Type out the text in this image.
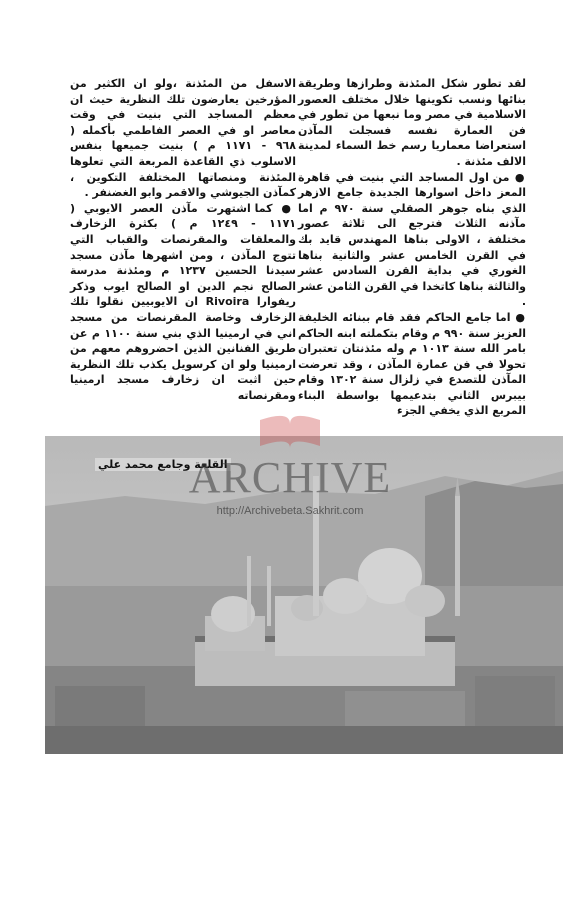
لقد تطور شكل المئذنة وطرازها وطريقة بنائها ونسب تكوينها خلال مختلف العصور الاسلامية في مصر وما نبعها من تطور في فن العمارة نفسه فسجلت المآذن استعراضا معماريا رسم خط السماء لمدينة الالف مئذنة .

● من اول المساجد التي بنيت في قاهرة المعز داخل اسوارها الجديدة جامع الازهر الذي بناه جوهر الصقلي سنة ٩٧٠ م اما مآذنه الثلاث فترجع الى ثلاثة عصور مختلفة ، الاولى بناها المهندس قايد بك في القرن الخامس عشر والثانية بناها الغوري في بداية القرن السادس عشر والثالثة بناها كاتخدا في القرن الثامن عشر .

● اما جامع الحاكم فقد قام ببنائه الخليفة العزيز سنة ٩٩٠ م وقام بتكملته ابنه الحاكم بامر الله سنة ١٠١٣ م وله مئذنتان تعتبران تحولا في فن عمارة المآذن ، وقد تعرضت المآذن للتصدع في زلزال سنة ١٣٠٢ وقام بيبرس الثاني بتدعيمها بواسطة البناء المربع الذي يخفي الجزء

الاسفل من المئذنة ،ولو ان الكثير من المؤرخين يعارضون تلك النظرية حيث ان معظم المساجد التي بنيت في وقت معاصر او في العصر الفاطمي بأكمله ( ٩٦٨ - ١١٧١ م ) بنيت جميعها بنفس الاسلوب ذي القاعدة المربعة التي تعلوها المئذنة ومنصاتها المختلفة التكوين ، كمآذن الجيوشي والاقمر وابو الغضنفر .

● كما اشتهرت مآذن العصر الايوبي ( ١١٧١ - ١٢٤٩ م ) بكثرة الزخارف والمعلقات والمقرنصات والقباب التي تتوج المآذن ، ومن اشهرها مآذن مسجد سيدنا الحسين ١٢٣٧ م ومئذنة مدرسة الصالح نجم الدين او الصالح ايوب وذكر ريفوارا Rivoira ان الايوبيين نقلوا تلك الزخارف وخاصة المقرنصات من مسجد اني في ارمينيا الذي بني سنة ١١٠٠ م عن طريق الفنانين الذين احضروهم معهم من ارمينيا ولو ان كرسويل يكذب تلك النظرية حين اثبت ان زخارف مسجد ارمينيا ومقرنصاته

القلعة وجامع محمد علي
ARCHIVE
http://Archivebeta.Sakhrit.com
